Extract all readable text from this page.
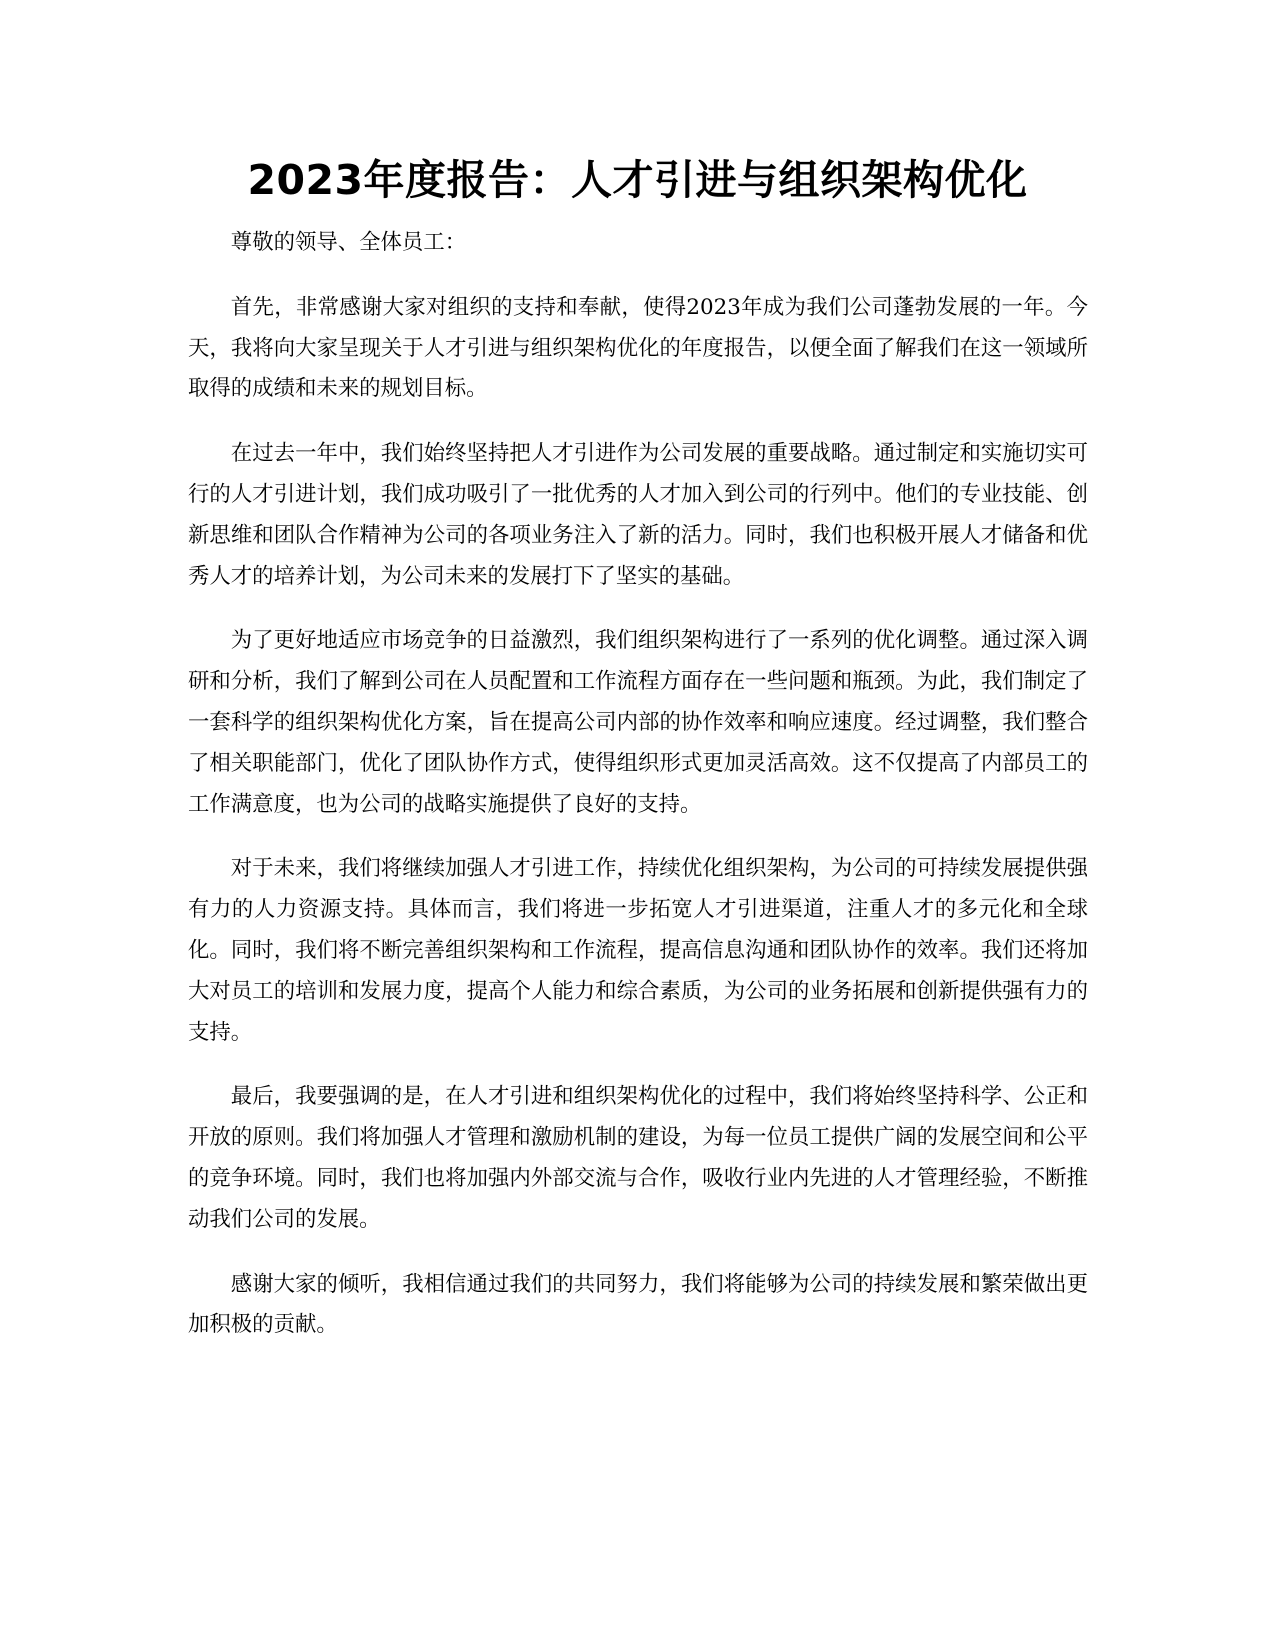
2023年度报告：人才引进与组织架构优化

尊敬的领导、全体员工：

首先，非常感谢大家对组织的支持和奉献，使得2023年成为我们公司蓬勃发展的一年。今天，我将向大家呈现关于人才引进与组织架构优化的年度报告，以便全面了解我们在这一领域所取得的成绩和未来的规划目标。

在过去一年中，我们始终坚持把人才引进作为公司发展的重要战略。通过制定和实施切实可行的人才引进计划，我们成功吸引了一批优秀的人才加入到公司的行列中。他们的专业技能、创新思维和团队合作精神为公司的各项业务注入了新的活力。同时，我们也积极开展人才储备和优秀人才的培养计划，为公司未来的发展打下了坚实的基础。

为了更好地适应市场竞争的日益激烈，我们组织架构进行了一系列的优化调整。通过深入调研和分析，我们了解到公司在人员配置和工作流程方面存在一些问题和瓶颈。为此，我们制定了一套科学的组织架构优化方案，旨在提高公司内部的协作效率和响应速度。经过调整，我们整合了相关职能部门，优化了团队协作方式，使得组织形式更加灵活高效。这不仅提高了内部员工的工作满意度，也为公司的战略实施提供了良好的支持。

对于未来，我们将继续加强人才引进工作，持续优化组织架构，为公司的可持续发展提供强有力的人力资源支持。具体而言，我们将进一步拓宽人才引进渠道，注重人才的多元化和全球化。同时，我们将不断完善组织架构和工作流程，提高信息沟通和团队协作的效率。我们还将加大对员工的培训和发展力度，提高个人能力和综合素质，为公司的业务拓展和创新提供强有力的支持。

最后，我要强调的是，在人才引进和组织架构优化的过程中，我们将始终坚持科学、公正和开放的原则。我们将加强人才管理和激励机制的建设，为每一位员工提供广阔的发展空间和公平的竞争环境。同时，我们也将加强内外部交流与合作，吸收行业内先进的人才管理经验，不断推动我们公司的发展。

感谢大家的倾听，我相信通过我们的共同努力，我们将能够为公司的持续发展和繁荣做出更加积极的贡献。
